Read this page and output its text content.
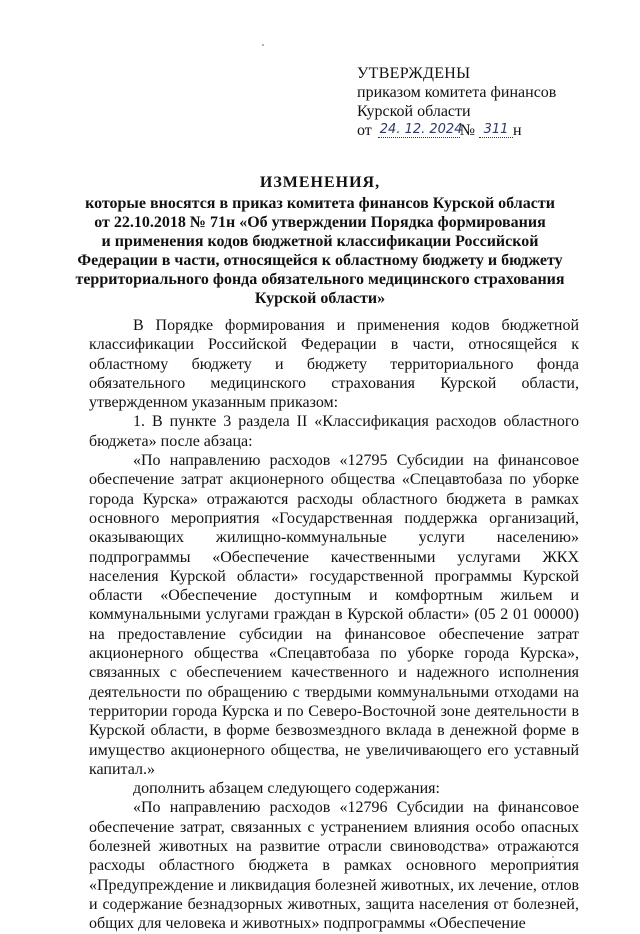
УТВЕРЖДЕНЫ
приказом комитета финансов
Курской области
от 24. 12. 2024
№ 311 н
ИЗМЕНЕНИЯ,
которые вносятся в приказ комитета финансов Курской области
от 22.10.2018 № 71н «Об утверждении Порядка формирования
и применения кодов бюджетной классификации Российской
Федерации в части, относящейся к областному бюджету и бюджету
территориального фонда обязательного медицинского страхования
Курской области»

В Порядке формирования и применения кодов бюджетной классификации Российской Федерации в части, относящейся к областному бюджету и бюджету территориального фонда обязательного медицинского страхования Курской области, утвержденном указанным приказом:

1. В пункте 3 раздела II «Классификация расходов областного бюджета» после абзаца:

«По направлению расходов «12795 Субсидии на финансовое обеспечение затрат акционерного общества «Спецавтобаза по уборке города Курска» отражаются расходы областного бюджета в рамках основного мероприятия «Государственная поддержка организаций, оказывающих жилищно-коммунальные услуги населению» подпрограммы «Обеспечение качественными услугами ЖКХ населения Курской области» государственной программы Курской области «Обеспечение доступным и комфортным жильем и коммунальными услугами граждан в Курской области» (05 2 01 00000) на предоставление субсидии на финансовое обеспечение затрат акционерного общества «Спецавтобаза по уборке города Курска», связанных с обеспечением качественного и надежного исполнения деятельности по обращению с твердыми коммунальными отходами на территории города Курска и по Северо-Восточной зоне деятельности в Курской области, в форме безвозмездного вклада в денежной форме в имущество акционерного общества, не увеличивающего его уставный капитал.»

дополнить абзацем следующего содержания:

«По направлению расходов «12796 Субсидии на финансовое обеспечение затрат, связанных с устранением влияния особо опасных болезней животных на развитие отрасли свиноводства» отражаются расходы областного бюджета в рамках основного мероприятия «Предупреждение и ликвидация болезней животных, их лечение, отлов и содержание безнадзорных животных, защита населения от болезней, общих для человека и животных» подпрограммы «Обеспечение
